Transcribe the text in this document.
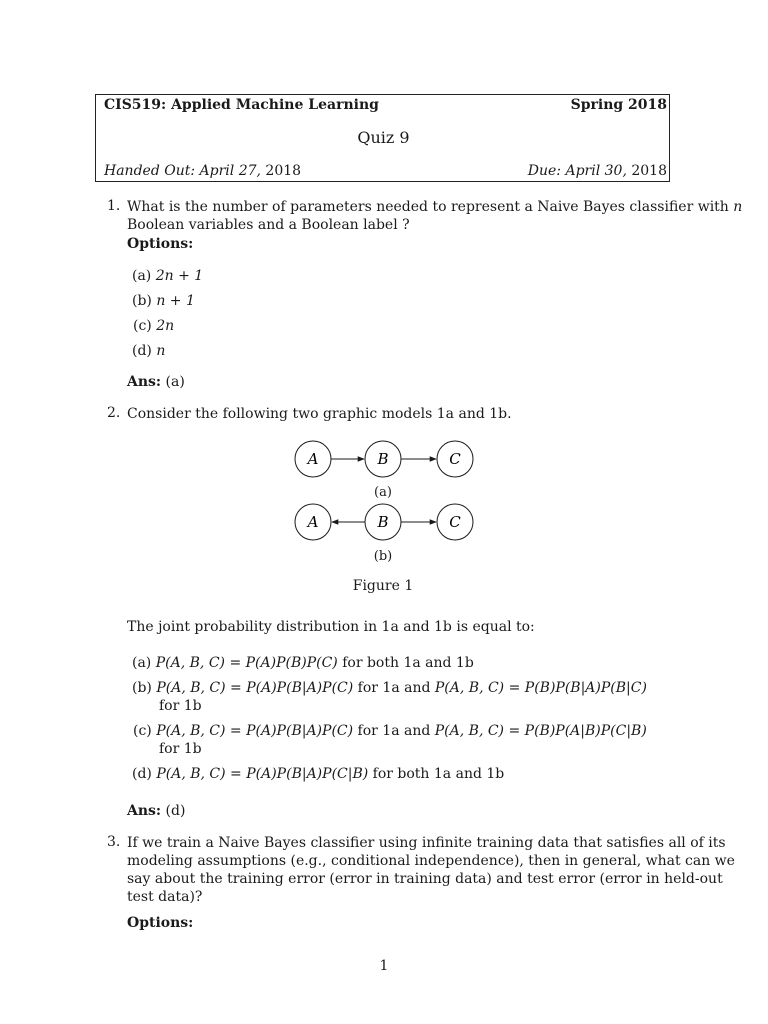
CIS519: Applied Machine Learning	Spring 2018
Quiz 9
Handed Out: April 27, 2018	Due: April 30, 2018
1. What is the number of parameters needed to represent a Naive Bayes classifier with n
Boolean variables and a Boolean label ?
Options:
(a) 2n + 1
(b) n + 1
(c) 2n
(d) n
Ans: (a)
2. Consider the following two graphic models 1a and 1b.
A	B	C
A	B	C
(a)
(b)
Figure 1
The joint probability distribution in 1a and 1b is equal to:
(a) P(A, B, C) = P(A)P(B)P(C) for both 1a and 1b
(b) P(A, B, C) = P(A)P(B|A)P(C) for 1a and P(A, B, C) = P(B)P(B|A)P(B|C)
for 1b
(c) P(A, B, C) = P(A)P(B|A)P(C) for 1a and P(A, B, C) = P(B)P(A|B)P(C|B)
for 1b
(d) P(A, B, C) = P(A)P(B|A)P(C|B) for both 1a and 1b
Ans: (d)
3. If we train a Naive Bayes classifier using infinite training data that satisfies all of its
modeling assumptions (e.g., conditional independence), then in general, what can we
say about the training error (error in training data) and test error (error in held-out
test data)?
Options:
1
